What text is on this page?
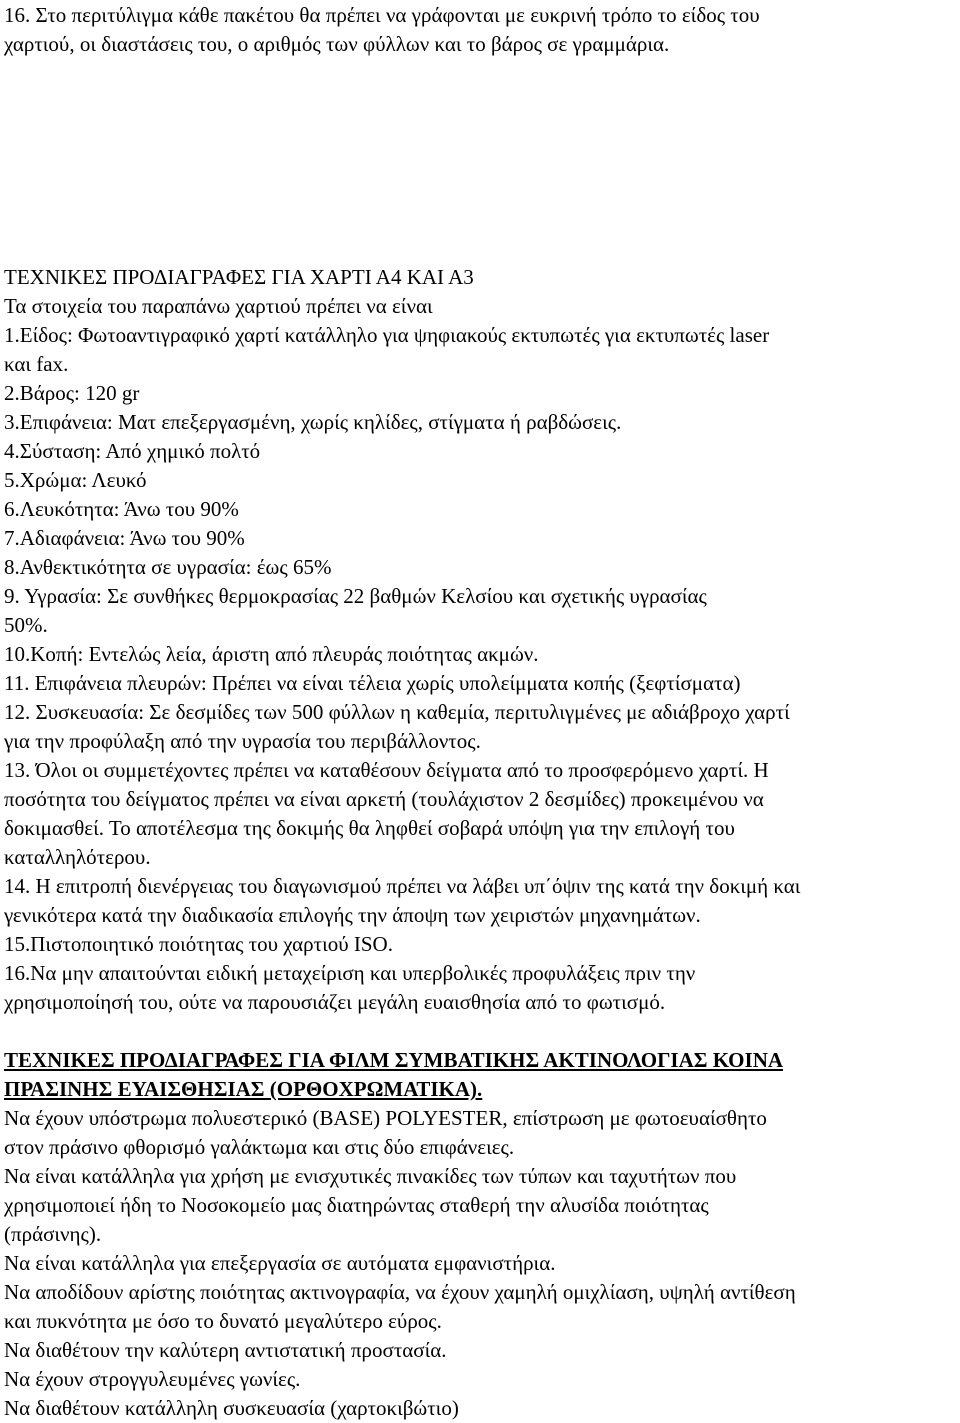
16. Στο περιτύλιγμα κάθε πακέτου θα πρέπει να γράφονται με ευκρινή τρόπο το είδος του

χαρτιού, οι διαστάσεις του, ο αριθμός των φύλλων και το βάρος σε γραμμάρια.

ΤΕΧΝΙΚΕΣ ΠΡΟΔΙΑΓΡΑΦΕΣ ΓΙΑ ΧΑΡΤΙ Α4 ΚΑΙ Α3

Τα στοιχεία του παραπάνω χαρτιού πρέπει να είναι

1.Είδος: Φωτοαντιγραφικό χαρτί κατάλληλο για ψηφιακούς εκτυπωτές για εκτυπωτές laser

και fax.

2.Βάρος: 120 gr

3.Επιφάνεια: Ματ επεξεργασμένη, χωρίς κηλίδες, στίγματα ή ραβδώσεις.

4.Σύσταση: Από χημικό πολτό

5.Χρώμα: Λευκό

6.Λευκότητα: Άνω του 90%

7.Αδιαφάνεια: Άνω του 90%

8.Ανθεκτικότητα σε υγρασία: έως 65%

9. Υγρασία: Σε συνθήκες θερμοκρασίας 22 βαθμών Κελσίου και σχετικής υγρασίας

50%.

10.Κοπή: Εντελώς λεία, άριστη από πλευράς ποιότητας ακμών.

11. Επιφάνεια πλευρών: Πρέπει να είναι τέλεια χωρίς υπολείμματα κοπής (ξεφτίσματα)

12. Συσκευασία: Σε δεσμίδες των 500 φύλλων η καθεμία, περιτυλιγμένες με αδιάβροχο χαρτί

για την προφύλαξη από την υγρασία του περιβάλλοντος.

13. Όλοι οι συμμετέχοντες πρέπει να καταθέσουν δείγματα από το προσφερόμενο χαρτί. Η

ποσότητα του δείγματος πρέπει να είναι αρκετή (τουλάχιστον 2 δεσμίδες) προκειμένου να

δοκιμασθεί. Το αποτέλεσμα της δοκιμής θα ληφθεί σοβαρά υπόψη για την επιλογή του

καταλληλότερου.

14. Η επιτροπή διενέργειας του διαγωνισμού πρέπει να λάβει υπ΄όψιν της κατά την δοκιμή και

γενικότερα κατά την διαδικασία επιλογής την άποψη των χειριστών μηχανημάτων.

15.Πιστοποιητικό ποιότητας του χαρτιού ISO.

16.Να μην απαιτούνται ειδική μεταχείριση και υπερβολικές προφυλάξεις πριν την

χρησιμοποίησή του, ούτε να παρουσιάζει μεγάλη ευαισθησία από το φωτισμό.

ΤΕΧΝΙΚΕΣ ΠΡΟΔΙΑΓΡΑΦΕΣ ΓΙΑ ΦΙΛΜ ΣΥΜΒΑΤΙΚΗΣ ΑΚΤΙΝΟΛΟΓΙΑΣ ΚΟΙΝΑ

ΠΡΑΣΙΝΗΣ ΕΥΑΙΣΘΗΣΙΑΣ (ΟΡΘΟΧΡΩΜΑΤΙΚΑ).

Να έχουν υπόστρωμα πολυεστερικό (BASE) POLYESTER, επίστρωση με φωτοευαίσθητο

στον πράσινο φθορισμό γαλάκτωμα και στις δύο επιφάνειες.

Να είναι κατάλληλα για χρήση με ενισχυτικές πινακίδες των τύπων και ταχυτήτων που

χρησιμοποιεί ήδη το Νοσοκομείο μας διατηρώντας σταθερή την αλυσίδα ποιότητας

(πράσινης).

Να είναι κατάλληλα για επεξεργασία σε αυτόματα εμφανιστήρια.

Να αποδίδουν αρίστης ποιότητας ακτινογραφία, να έχουν χαμηλή ομιχλίαση, υψηλή αντίθεση

και πυκνότητα με όσο το δυνατό μεγαλύτερο εύρος.

Να διαθέτουν την καλύτερη αντιστατική προστασία.

Να έχουν στρογγυλευμένες γωνίες.

Να διαθέτουν κατάλληλη συσκευασία (χαρτοκιβώτιο)
